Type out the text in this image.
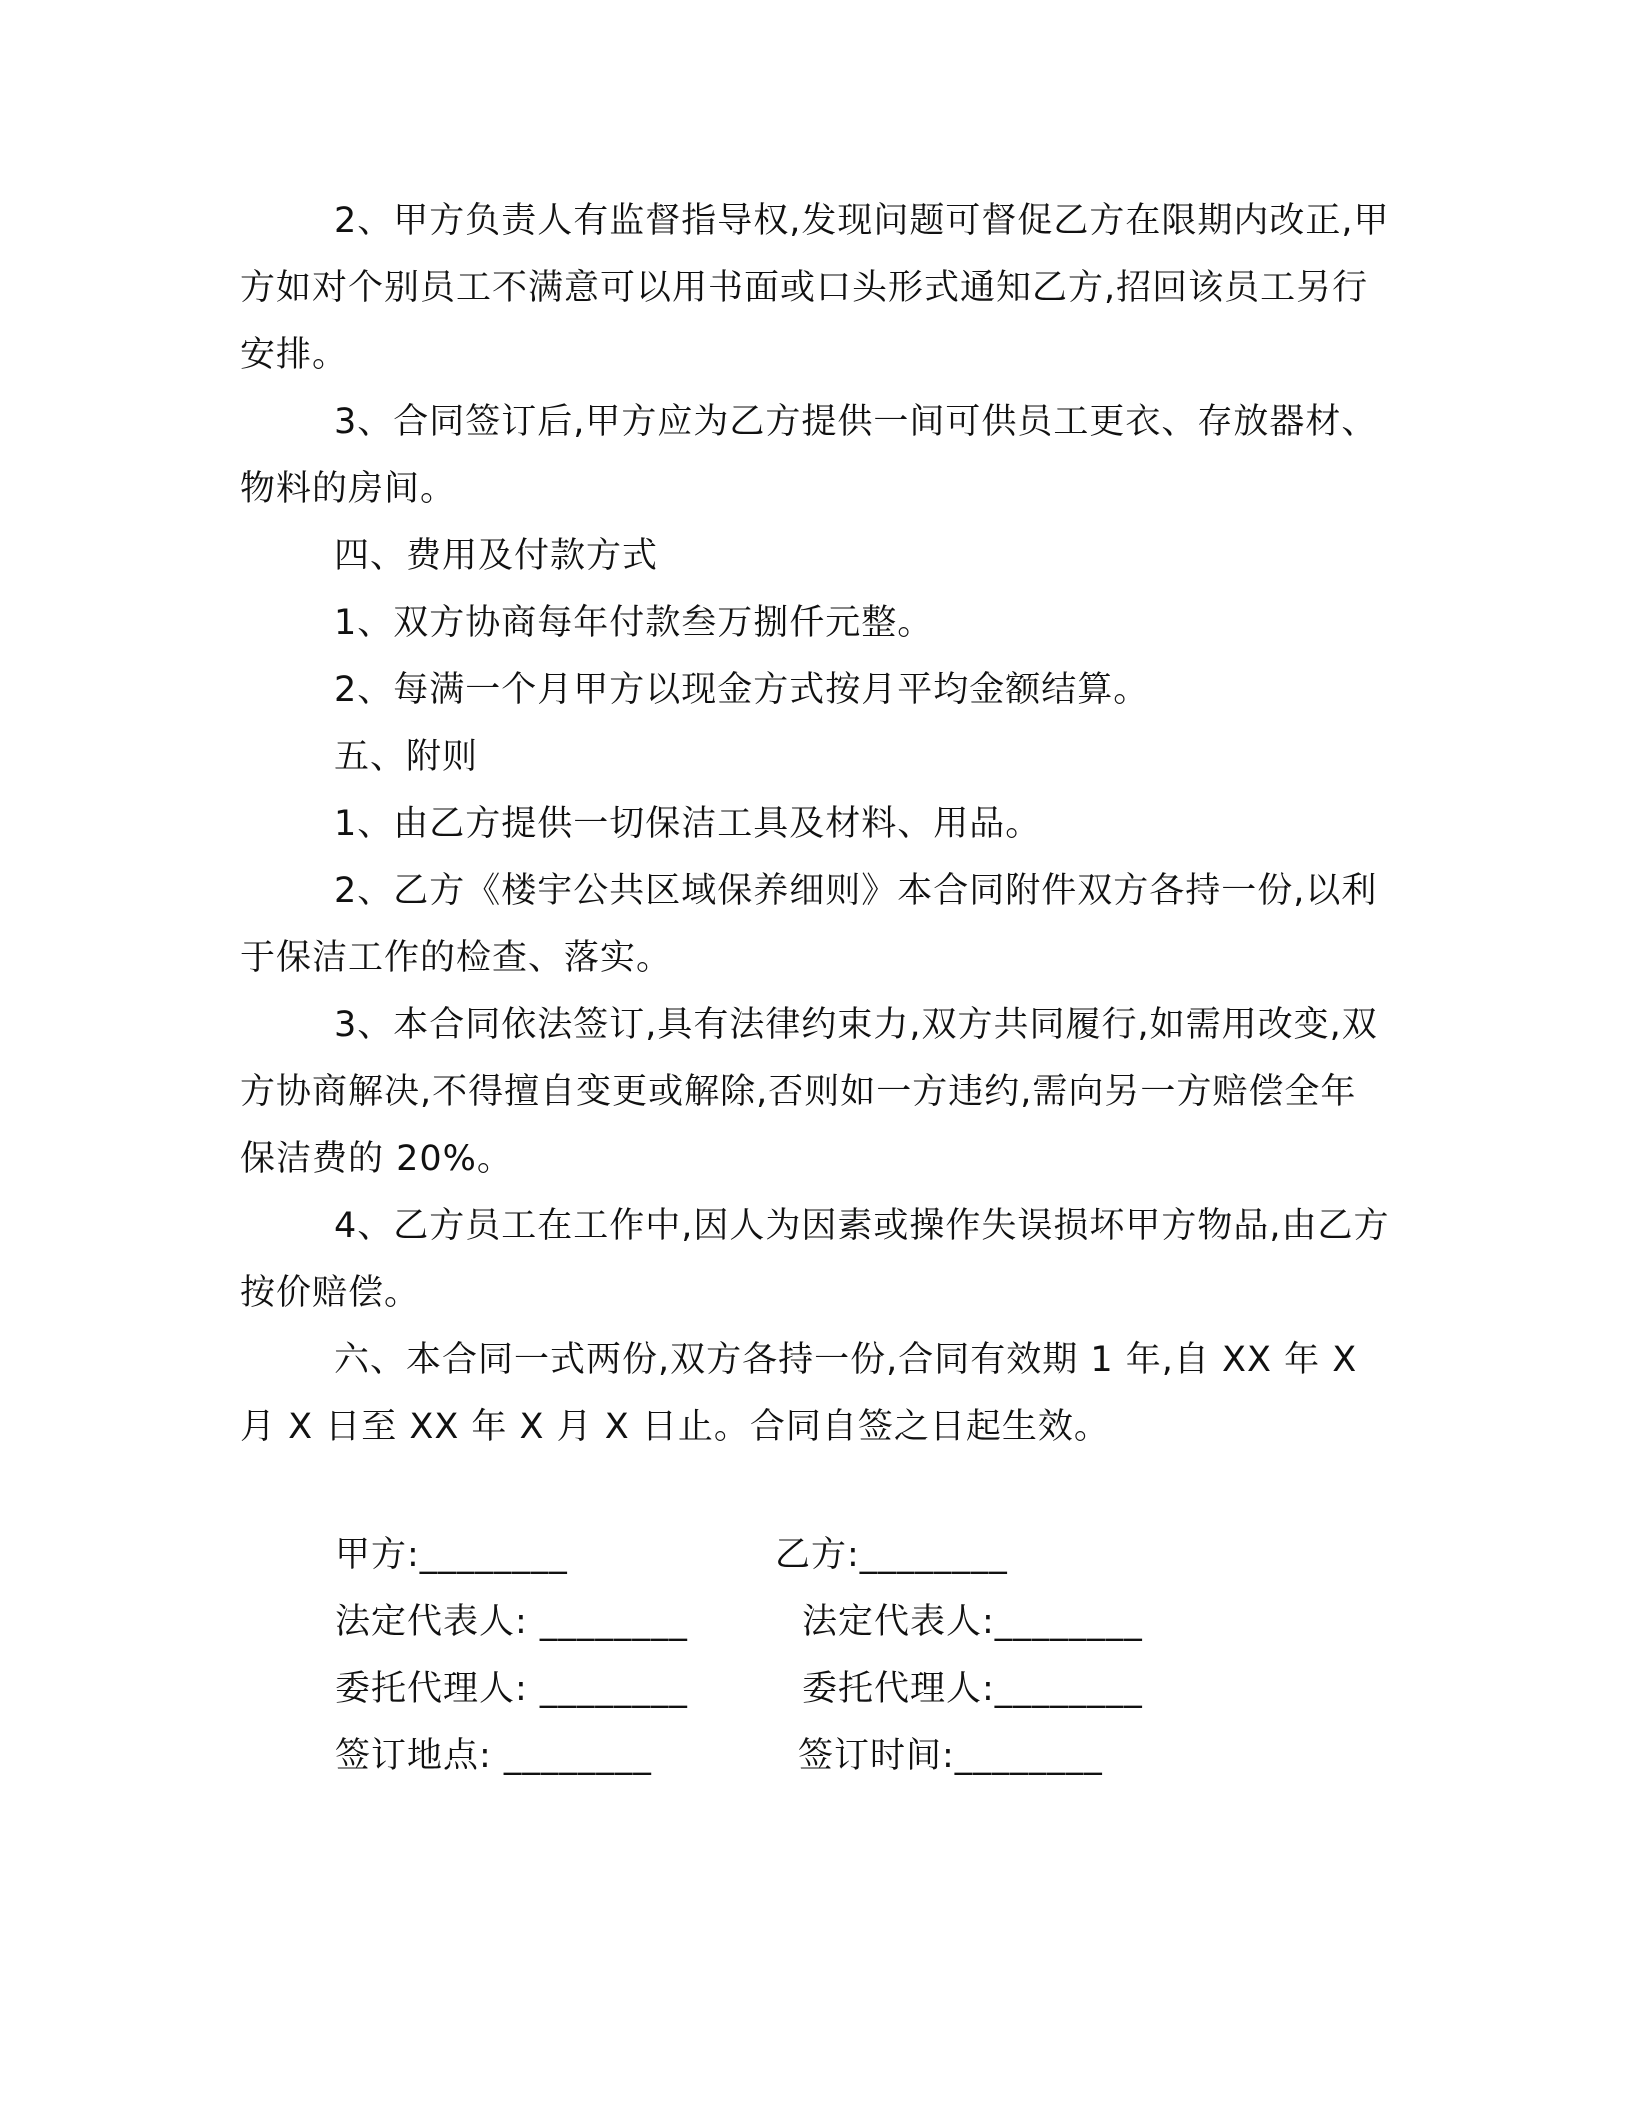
2、甲方负责人有监督指导权,发现问题可督促乙方在限期内改正,甲方如对个别员工不满意可以用书面或口头形式通知乙方,招回该员工另行安排。

3、合同签订后,甲方应为乙方提供一间可供员工更衣、存放器材、物料的房间。

四、费用及付款方式

1、双方协商每年付款叁万捌仟元整。

2、每满一个月甲方以现金方式按月平均金额结算。

五、附则

1、由乙方提供一切保洁工具及材料、用品。

2、乙方《楼宇公共区域保养细则》本合同附件双方各持一份,以利于保洁工作的检查、落实。

3、本合同依法签订,具有法律约束力,双方共同履行,如需用改变,双方协商解决,不得擅自变更或解除,否则如一方违约,需向另一方赔偿全年保洁费的 20%。

4、乙方员工在工作中,因人为因素或操作失误损坏甲方物品,由乙方按价赔偿。

六、本合同一式两份,双方各持一份,合同有效期 1 年,自 XX 年 X月 X 日至 XX 年 X 月 X 日止。合同自签之日起生效。

甲方:________	乙方:________
法定代表人: ________	法定代表人:________
委托代理人: ________	委托代理人:________
签订地点: ________	签订时间:________
